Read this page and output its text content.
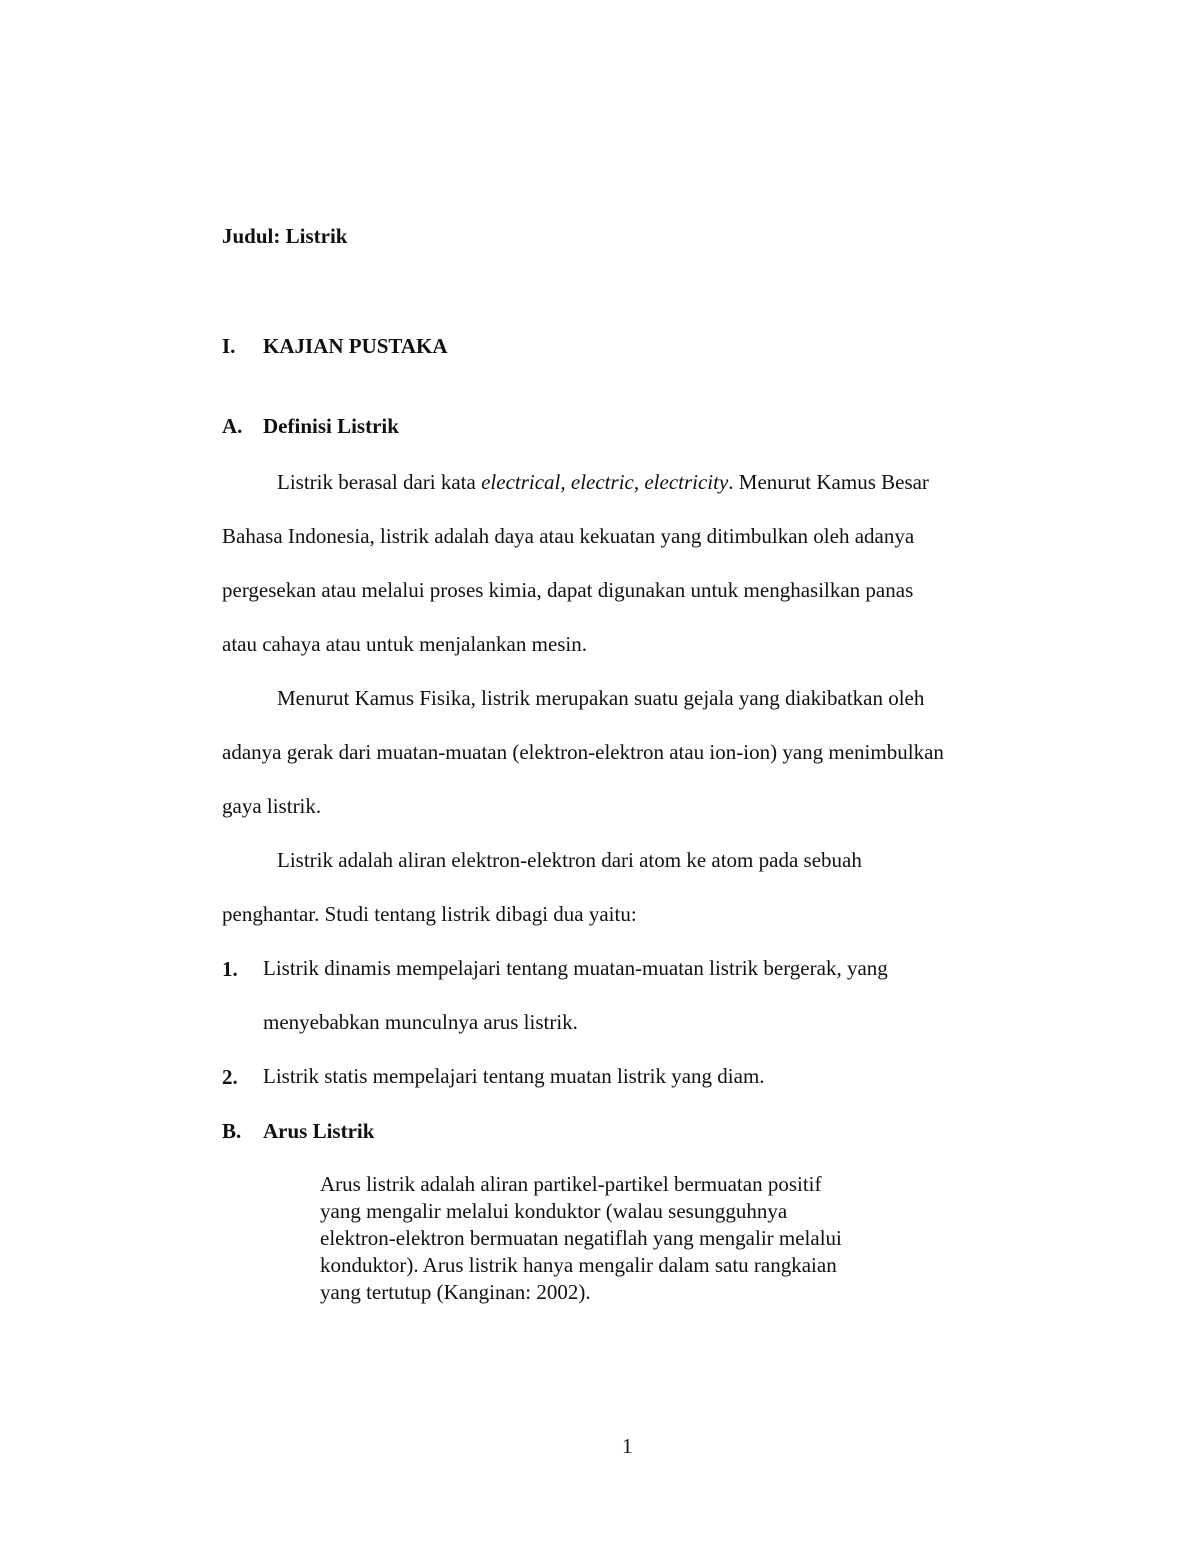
Judul: Listrik
I. KAJIAN PUSTAKA
A. Definisi Listrik
Listrik berasal dari kata electrical, electric, electricity. Menurut Kamus Besar
Bahasa Indonesia, listrik adalah daya atau kekuatan yang ditimbulkan oleh adanya
pergesekan atau melalui proses kimia, dapat digunakan untuk menghasilkan panas
atau cahaya atau untuk menjalankan mesin.
Menurut Kamus Fisika, listrik merupakan suatu gejala yang diakibatkan oleh
adanya gerak dari muatan-muatan (elektron-elektron atau ion-ion) yang menimbulkan
gaya listrik.
Listrik adalah aliran elektron-elektron dari atom ke atom pada sebuah
penghantar. Studi tentang listrik dibagi dua yaitu:
1. Listrik dinamis mempelajari tentang muatan-muatan listrik bergerak, yang
menyebabkan munculnya arus listrik.
2. Listrik statis mempelajari tentang muatan listrik yang diam.
B. Arus Listrik
Arus listrik adalah aliran partikel-partikel bermuatan positif
yang mengalir melalui konduktor (walau sesungguhnya
elektron-elektron bermuatan negatiflah yang mengalir melalui
konduktor). Arus listrik hanya mengalir dalam satu rangkaian
yang tertutup (Kanginan: 2002).
1
